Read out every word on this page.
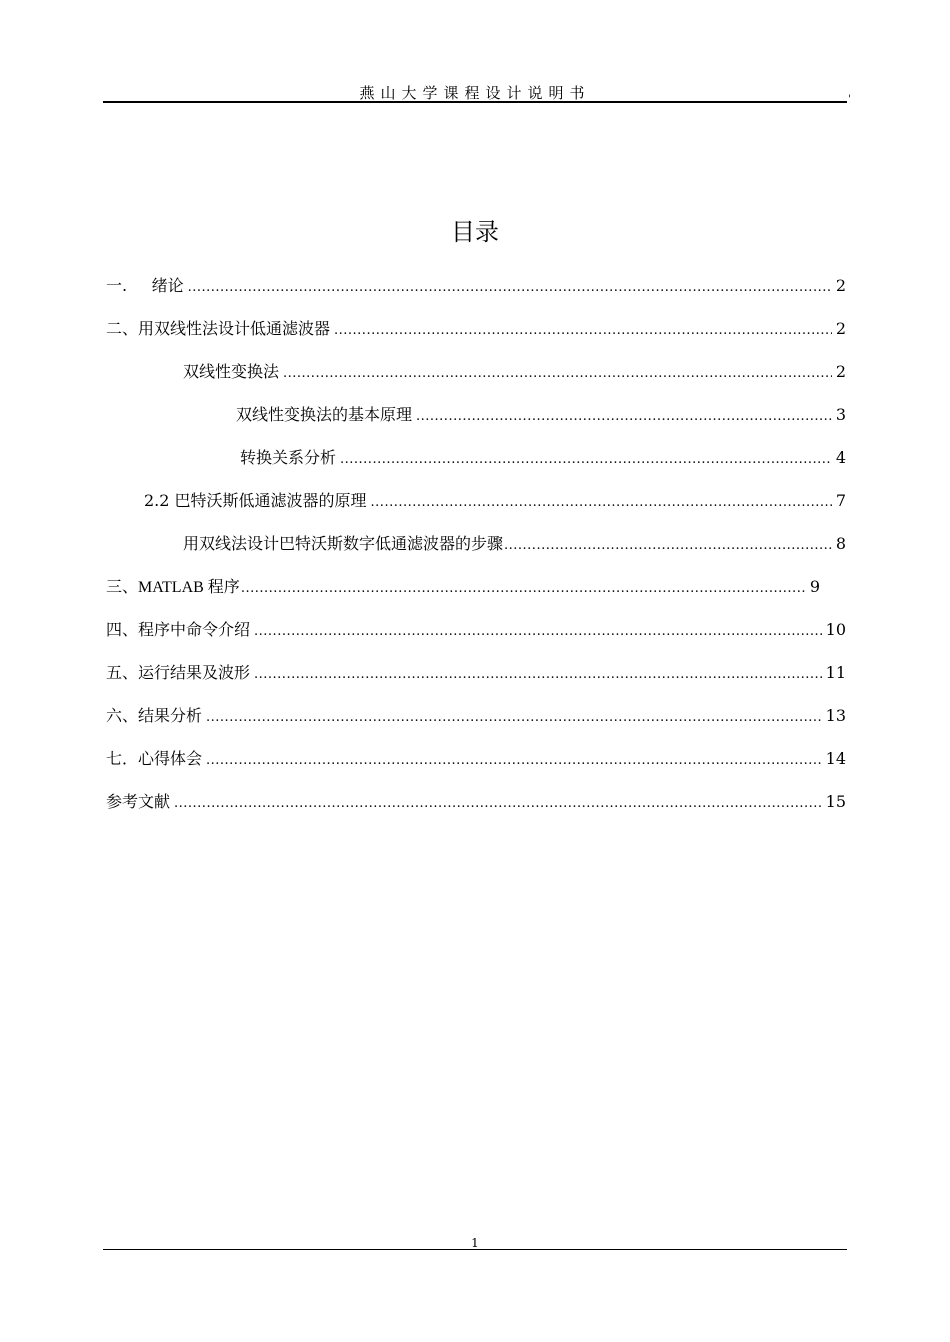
燕山大学课程设计说明书	'
目录
一.	绪论 .....	2
二、用双线性法设计低通滤波器 .....	2
双线性变换法 .....	2
双线性变换法的基本原理 .....	3
转换关系分析 .....	4
2.2 巴特沃斯低通滤波器的原理 .....	7
用双线法设计巴特沃斯数字低通滤波器的步骤 .....	8
三、 MATLAB 程序 .....	9
四、 程序中命令介绍 .....	10
五、运行结果及波形 .....	11
六、 结果分析 .....	13
七．心得体会 .....	14
参考文献 .....	15
1
